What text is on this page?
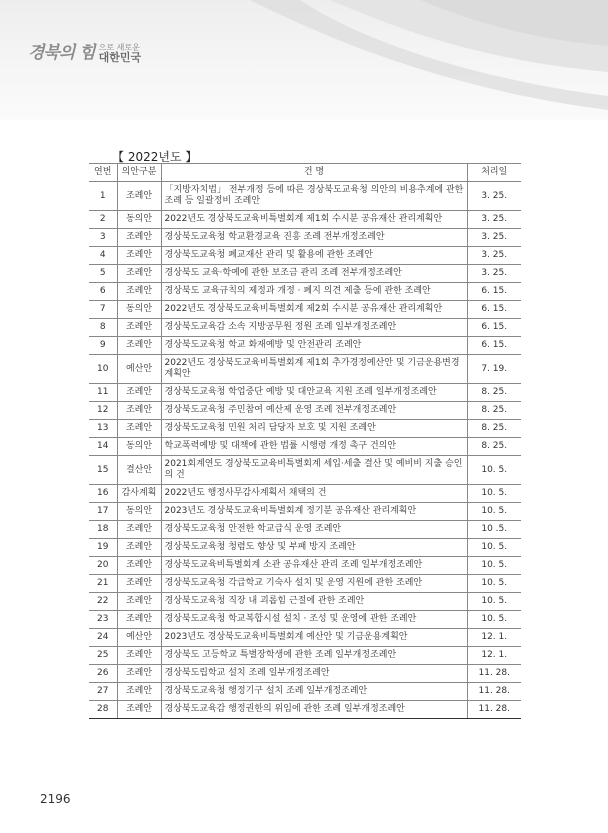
경북의 힘 으로 새로운
대한민국
【 2022년도 】
연번	의안구분	건 명	처리일
1	조례안	「지방자치법」 전부개정 등에 따른 경상북도교육청 의안의 비용추계에 관한 조례 등 일괄정비 조례안	3. 25.
2	동의안	2022년도 경상북도교육비특별회계 제1회 수시분 공유재산 관리계획안	3. 25.
3	조례안	경상북도교육청 학교환경교육 진흥 조례 전부개정조례안	3. 25.
4	조례안	경상북도교육청 폐교재산 관리 및 활용에 관한 조례안	3. 25.
5	조례안	경상북도 교육·학예에 관한 보조금 관리 조례 전부개정조례안	3. 25.
6	조례안	경상북도 교육규칙의 제정과 개정 · 폐지 의견 제출 등에 관한 조례안	6. 15.
7	동의안	2022년도 경상북도교육비특별회계 제2회 수시분 공유재산 관리계획안	6. 15.
8	조례안	경상북도교육감 소속 지방공무원 정원 조례 일부개정조례안	6. 15.
9	조례안	경상북도교육청 학교 화재예방 및 안전관리 조례안	6. 15.
10	예산안	2022년도 경상북도교육비특별회계 제1회 추가경정예산안 및 기금운용변경계획안	7. 19.
11	조례안	경상북도교육청 학업중단 예방 및 대안교육 지원 조례 일부개정조례안	8. 25.
12	조례안	경상북도교육청 주민참여 예산제 운영 조례 전부개정조례안	8. 25.
13	조례안	경상북도교육청 민원 처리 담당자 보호 및 지원 조례안	8. 25.
14	동의안	학교폭력예방 및 대책에 관한 법률 시행령 개정 촉구 건의안	8. 25.
15	결산안	2021회계연도 경상북도교육비특별회계 세입·세출 결산 및 예비비 지출 승인의 건	10. 5.
16	감사계획	2022년도 행정사무감사계획서 채택의 건	10. 5.
17	동의안	2023년도 경상북도교육비특별회계 정기분 공유재산 관리계획안	10. 5.
18	조례안	경상북도교육청 안전한 학교급식 운영 조례안	10 .5.
19	조례안	경상북도교육청 청렴도 향상 및 부패 방지 조례안	10. 5.
20	조례안	경상북도교육비특별회계 소관 공유재산 관리 조례 일부개정조례안	10. 5.
21	조례안	경상북도교육청 각급학교 기숙사 설치 및 운영 지원에 관한 조례안	10. 5.
22	조례안	경상북도교육청 직장 내 괴롭힘 근절에 관한 조례안	10. 5.
23	조례안	경상북도교육청 학교복합시설 설치 · 조성 및 운영에 관한 조례안	10. 5.
24	예산안	2023년도 경상북도교육비특별회계 예산안 및 기금운용계획안	12. 1.
25	조례안	경상북도 고등학교 특별장학생에 관한 조례 일부개정조례안	12. 1.
26	조례안	경상북도립학교 설치 조례 일부개정조례안	11. 28.
27	조례안	경상북도교육청 행정기구 설치 조례 일부개정조례안	11. 28.
28	조례안	경상북도교육감 행정권한의 위임에 관한 조례 일부개정조례안	11. 28.
2196
